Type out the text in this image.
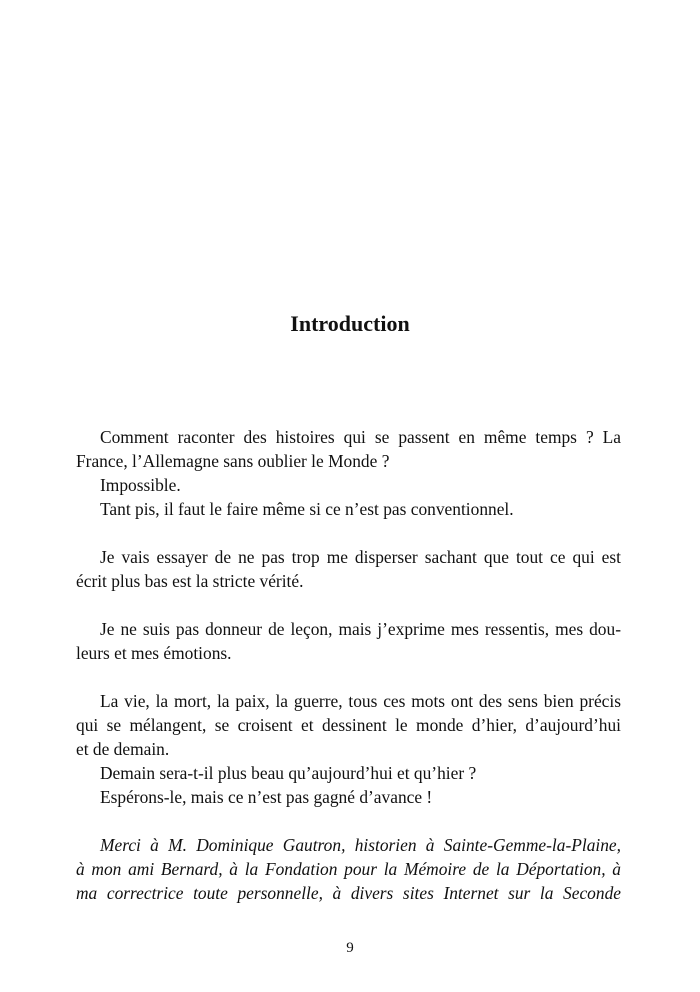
Introduction
Comment raconter des histoires qui se passent en même temps ? La
France, l’Allemagne sans oublier le Monde ?
Impossible.
Tant pis, il faut le faire même si ce n’est pas conventionnel.
Je vais essayer de ne pas trop me disperser sachant que tout ce qui est
écrit plus bas est la stricte vérité.
Je ne suis pas donneur de leçon, mais j’exprime mes ressentis, mes dou-
leurs et mes émotions.
La vie, la mort, la paix, la guerre, tous ces mots ont des sens bien précis
qui se mélangent, se croisent et dessinent le monde d’hier, d’aujourd’hui
et de demain.
Demain sera-t-il plus beau qu’aujourd’hui et qu’hier ?
Espérons-le, mais ce n’est pas gagné d’avance !
Merci à M. Dominique Gautron, historien à Sainte-Gemme-la-Plaine,
à mon ami Bernard, à la Fondation pour la Mémoire de la Déportation, à
ma correctrice toute personnelle, à divers sites Internet sur la Seconde
9
